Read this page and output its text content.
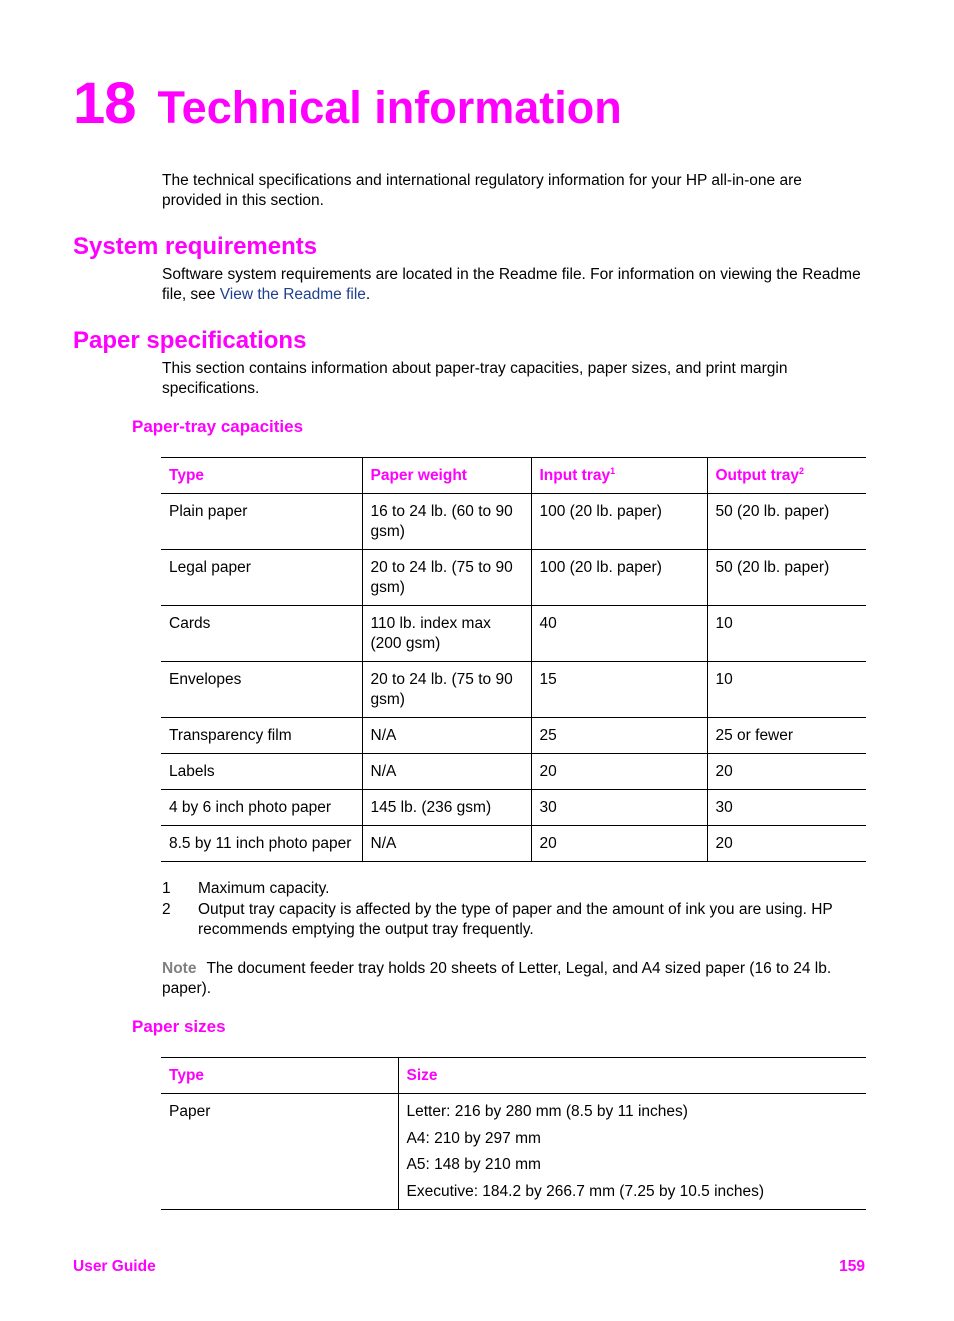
18 Technical information

The technical specifications and international regulatory information for your HP all-in-one are provided in this section.

System requirements

Software system requirements are located in the Readme file. For information on viewing the Readme file, see View the Readme file.

Paper specifications

This section contains information about paper-tray capacities, paper sizes, and print margin specifications.

Paper-tray capacities
Type	Paper weight	Input tray$^1$	Output tray$^2$
Plain paper	16 to 24 lb. (60 to 90 gsm)	100 (20 lb. paper)	50 (20 lb. paper)
Legal paper	20 to 24 lb. (75 to 90 gsm)	100 (20 lb. paper)	50 (20 lb. paper)
Cards	110 lb. index max (200 gsm)	40	10
Envelopes	20 to 24 lb. (75 to 90 gsm)	15	10
Transparency film	N/A	25	25 or fewer
Labels	N/A	20	20
4 by 6 inch photo paper	145 lb. (236 gsm)	30	30
8.5 by 11 inch photo paper	N/A	20	20
1	Maximum capacity.
2	Output tray capacity is affected by the type of paper and the amount of ink you are using. HP recommends emptying the output tray frequently.

Note The document feeder tray holds 20 sheets of Letter, Legal, and A4 sized paper (16 to 24 lb. paper).

Paper sizes
Type	Size
Paper	Letter: 216 by 280 mm (8.5 by 11 inches)
A4: 210 by 297 mm
A5: 148 by 210 mm
Executive: 184.2 by 266.7 mm (7.25 by 10.5 inches)
User Guide	159
